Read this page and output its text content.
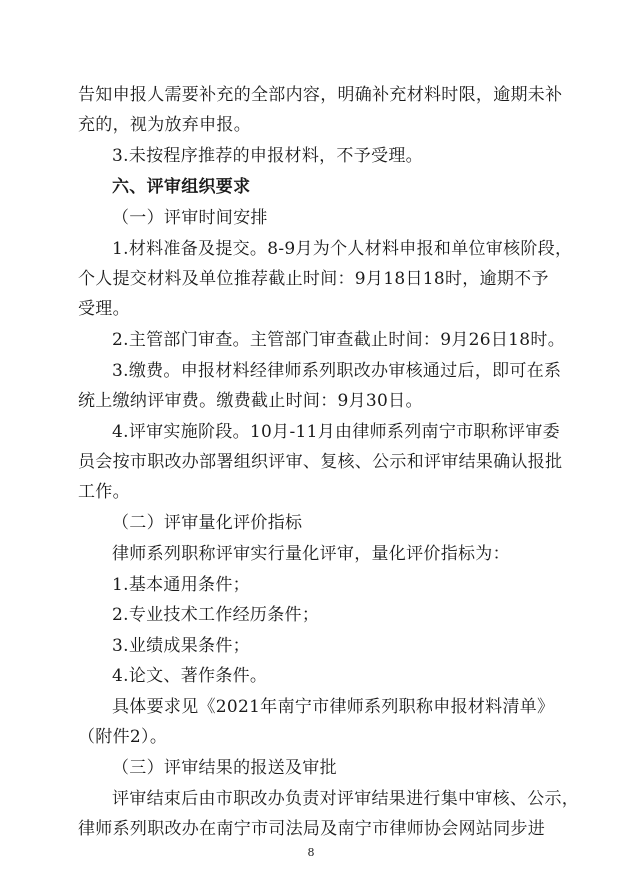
告知申报人需要补充的全部内容，明确补充材料时限，逾期未补
充的，视为放弃申报。
3.未按程序推荐的申报材料，不予受理。
六、评审组织要求
（一）评审时间安排
1.材料准备及提交。8-9月为个人材料申报和单位审核阶段，
个人提交材料及单位推荐截止时间：9月18日18时，逾期不予
受理。
2.主管部门审查。主管部门审查截止时间：9月26日18时。
3.缴费。申报材料经律师系列职改办审核通过后，即可在系
统上缴纳评审费。缴费截止时间：9月30日。
4.评审实施阶段。10月-11月由律师系列南宁市职称评审委
员会按市职改办部署组织评审、复核、公示和评审结果确认报批
工作。
（二）评审量化评价指标
律师系列职称评审实行量化评审，量化评价指标为：
1.基本通用条件；
2.专业技术工作经历条件；
3.业绩成果条件；
4.论文、著作条件。
具体要求见《2021年南宁市律师系列职称申报材料清单》
（附件2）。
（三）评审结果的报送及审批
评审结束后由市职改办负责对评审结果进行集中审核、公示，
律师系列职改办在南宁市司法局及南宁市律师协会网站同步进
8
